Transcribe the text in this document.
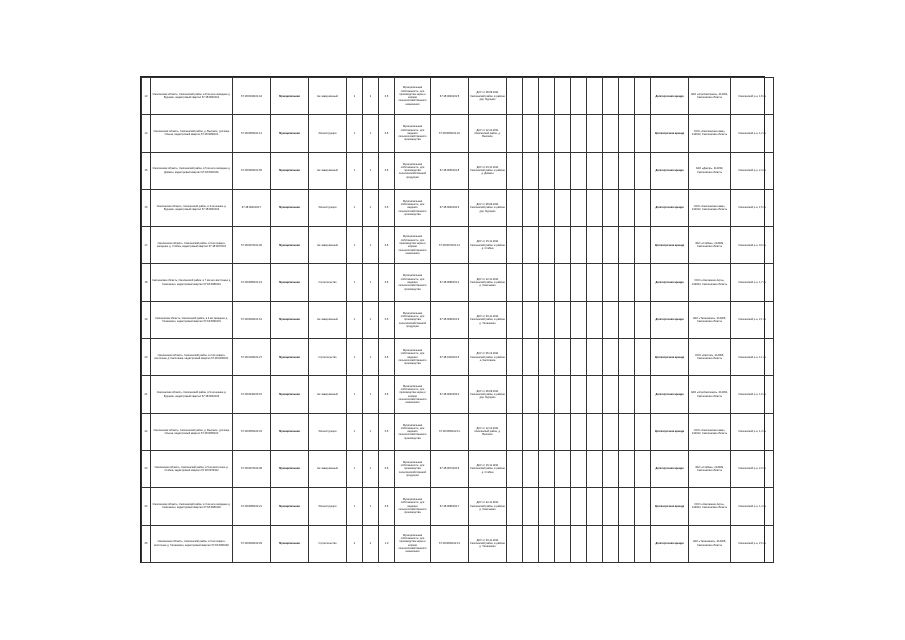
13	Смоленская область, Смоленский район, в 8 км юго-западнее д. Бурцево, кадастровый квартал 67:18:0040101	67:18:0040101:42	Муниципальная	Не завершённый	2	2	0,5	Муниципальная собственность: для производства зерна и кормов сельскохозяйственного назначения	67:18:0040101:5	ДСУ от 28.09.2011 Смоленский район, в районе дер. Бурцево										Долгосрочная аренда	ЗАО «АгроСмоленск», 214031, Смоленская область	Смоленский р-н, 1,8 га
14	Смоленская область, Смоленский район, д. Высокое, урочище Ольша, кадастровый квартал 67:18:0050101	67:18:0050101:14	Муниципальная	Реконструкция	1	1	0,5	Муниципальная собственность: для ведения сельскохозяйственного производства	67:18:0050101:22	ДСУ от 12.10.2011 Смоленский район, д. Высокое										Краткосрочная аренда	ООО «Смоленская нива», 214012, Смоленская область	Смоленский р-н, 1,2 га
15	Смоленская область, Смоленский район, в 5 км юго-западнее д. Дивасы, кадастровый квартал 67:18:0060101	67:18:0060101:55	Муниципальная	Не завершённый	1	1	0,5	Муниципальная собственность: для производства сельскохозяйственной продукции	67:18:0060101:8	ДСУ от 03.11.2011 Смоленский район, в районе д. Дивасы										Долгосрочная аренда	ЗАО «Днепр», 214030, Смоленская область	Смоленский р-н, 2,4 га
16	Смоленская область, Смоленский район, в 3 км южнее д. Бурцево, кадастровый квартал 67:18:0040102	67:18:0040102:7	Муниципальная	Реконструкция	1	1	0,5	Муниципальная собственность: для ведения сельскохозяйственного производства	67:18:0040102:3	ДСУ от 28.09.2011 Смоленский район, в районе дер. Бурцево										Долгосрочная аренда	ООО «Смоленская нива», 214012, Смоленская область	Смоленский р-н, 1,5 га
17	Смоленская область, Смоленский район, в 6 км северо-западнее д. Стабна, кадастровый квартал 67:18:0070101	67:18:0070101:36	Муниципальная	Не завершённый	1	1	0,5	Муниципальная собственность: для производства зерна и кормов сельскохозяйственного назначения	67:18:0070101:12	ДСУ от 15.11.2011 Смоленский район, в районе д. Стабна										Краткосрочная аренда	ЗАО «Стабна», 214009, Смоленская область	Смоленский р-н, 0,9 га
18	Смоленская область, Смоленский район, в 7 км юго-восточнее д. Сметанино, кадастровый квартал 67:18:0080101	67:18:0080101:19	Муниципальная	Строительство	1	1	0,5	Муниципальная собственность: для ведения сельскохозяйственного производства	67:18:0080101:4	ДСУ от 22.11.2011 Смоленский район, в районе д. Сметанино										Долгосрочная аренда	ООО «Сметанино-Агро», 214024, Смоленская область	Смоленский р-н, 1,7 га
19	Смоленская область, Смоленский район, в 4 км западнее д. Талашкино, кадастровый квартал 67:18:0090101	67:18:0090101:61	Муниципальная	Не завершённый	1	1	0,5	Муниципальная собственность: для производства сельскохозяйственной продукции	67:18:0090101:9	ДСУ от 29.11.2011 Смоленский район, в районе д. Талашкино										Долгосрочная аренда	ЗАО «Талашкино», 214025, Смоленская область	Смоленский р-н, 2,1 га
20	Смоленская область, Смоленский район, в 2 км северо-восточнее д. Касплянка, кадастровый квартал 67:18:0100101	67:18:0100101:27	Муниципальная	Строительство	1	1	0,5	Муниципальная собственность: для ведения сельскохозяйственного производства	67:18:0100101:6	ДСУ от 06.12.2011 Смоленский район, в районе д. Касплянка										Краткосрочная аренда	ООО «Каспля», 214006, Смоленская область	Смоленский р-н, 1,1 га
21	Смоленская область, Смоленский район, в 9 км южнее д. Бурцево, кадастровый квартал 67:18:0040103	67:18:0040103:15	Муниципальная	Не завершённый	1	1	0,5	Муниципальная собственность: для производства зерна и кормов сельскохозяйственного назначения	67:18:0040103:2	ДСУ от 28.09.2011 Смоленский район, в районе дер. Бурцево										Долгосрочная аренда	ЗАО «АгроСмоленск», 214031, Смоленская область	Смоленский р-н, 1,6 га
22	Смоленская область, Смоленский район, д. Высокое, урочище Ольша, кадастровый квартал 67:18:0050102	67:18:0050102:33	Муниципальная	Реконструкция	1	1	0,5	Муниципальная собственность: для ведения сельскохозяйственного производства	67:18:0050102:11	ДСУ от 12.10.2011 Смоленский район, д. Высокое										Краткосрочная аренда	ООО «Смоленская нива», 214012, Смоленская область	Смоленский р-н, 1,3 га
23	Смоленская область, Смоленский район, в 5 км восточнее д. Стабна, кадастровый квартал 67:18:0070102	67:18:0070102:48	Муниципальная	Не завершённый	1	1	0,5	Муниципальная собственность: для производства сельскохозяйственной продукции	67:18:0070102:5	ДСУ от 15.11.2011 Смоленский район, в районе д. Стабна										Долгосрочная аренда	ЗАО «Стабна», 214009, Смоленская область	Смоленский р-н, 2,0 га
24	Смоленская область, Смоленский район, в 3 км юго-западнее д. Сметанино, кадастровый квартал 67:18:0080102	67:18:0080102:21	Муниципальная	Реконструкция	1	1	0,5	Муниципальная собственность: для ведения сельскохозяйственного производства	67:18:0080102:7	ДСУ от 22.11.2011 Смоленский район, в районе д. Сметанино										Краткосрочная аренда	ООО «Сметанино-Агро», 214024, Смоленская область	Смоленский р-н, 1,4 га
25	Смоленская область, Смоленский район, в 6 км северо-восточнее д. Талашкино, кадастровый квартал 67:18:0090102	67:18:0090102:39	Муниципальная	Строительство	2	2	1,0	Муниципальная собственность: для производства зерна и кормов сельскохозяйственного назначения	67:18:0090102:13	ДСУ от 29.11.2011 Смоленский район, в районе д. Талашкино										Долгосрочная аренда	ЗАО «Талашкино», 214025, Смоленская область	Смоленский р-н, 2,6 га
